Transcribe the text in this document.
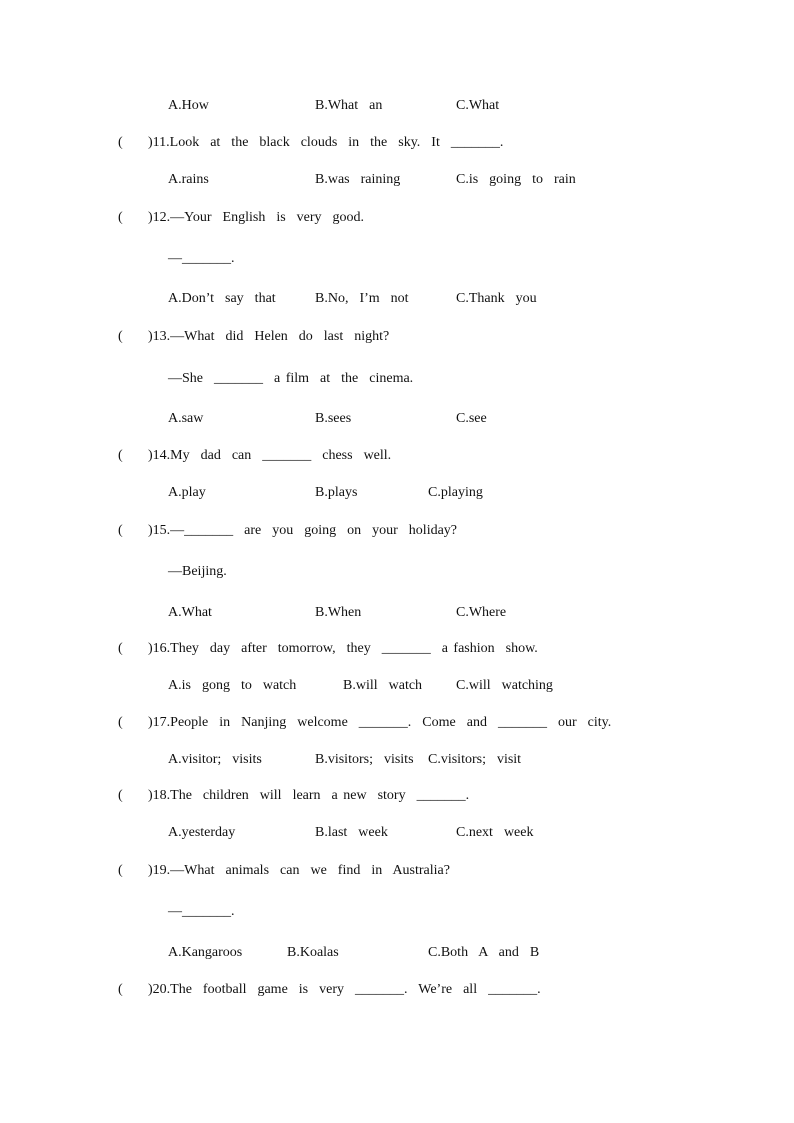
A.How	B.What  an	C.What
( )11.Look  at  the  black  clouds  in  the  sky.  It  _______.
A.rains	B.was  raining	C.is  going  to  rain
( )12.—Your  English  is  very  good.
—_______.
A.Don’t  say  that	B.No,  I’m  not	C.Thank  you
( )13.—What  did  Helen  do  last  night?
—She  _______  a film  at  the  cinema.
A.saw	B.sees	C.see
( )14.My  dad  can  _______  chess  well.
A.play	B.plays	C.playing
( )15.—_______  are  you  going  on  your  holiday?
—Beijing.
A.What	B.When	C.Where
( )16.They  day  after  tomorrow,  they  _______  a fashion  show.
A.is  gong  to  watch	B.will  watch C.will  watching
( )17.People  in  Nanjing  welcome  _______.  Come  and  _______  our  city.
A.visitor;  visits	B.visitors;  visits C.visitors;  visit
( )18.The  children  will  learn  a new  story  _______.
A.yesterday	B.last  week	C.next  week
( )19.—What  animals  can  we  find  in  Australia?
—_______.
A.Kangaroos	B.Koalas	C.Both  A  and  B
( )20.The  football  game  is  very  _______.  We’re  all  _______.
